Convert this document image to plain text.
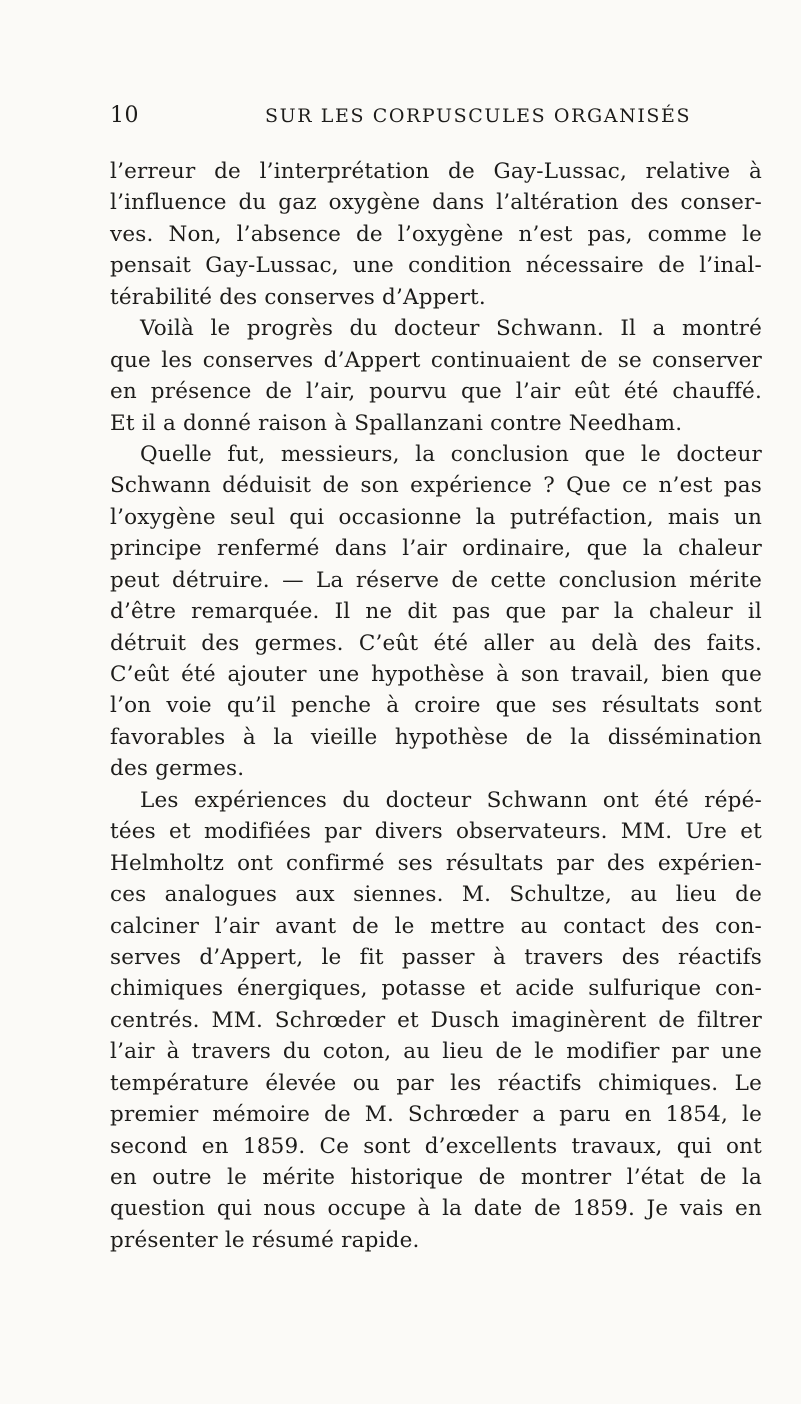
10	SUR LES CORPUSCULES ORGANISÉS
l’erreur de l’interprétation de Gay-Lussac, relative à
l’influence du gaz oxygène dans l’altération des conser-
ves. Non, l’absence de l’oxygène n’est pas, comme le
pensait Gay-Lussac, une condition nécessaire de l’inal-
térabilité des conserves d’Appert.
Voilà le progrès du docteur Schwann. Il a montré
que les conserves d’Appert continuaient de se conserver
en présence de l’air, pourvu que l’air eût été chauffé.
Et il a donné raison à Spallanzani contre Needham.
Quelle fut, messieurs, la conclusion que le docteur
Schwann déduisit de son expérience ? Que ce n’est pas
l’oxygène seul qui occasionne la putréfaction, mais un
principe renfermé dans l’air ordinaire, que la chaleur
peut détruire. — La réserve de cette conclusion mérite
d’être remarquée. Il ne dit pas que par la chaleur il
détruit des germes. C’eût été aller au delà des faits.
C’eût été ajouter une hypothèse à son travail, bien que
l’on voie qu’il penche à croire que ses résultats sont
favorables à la vieille hypothèse de la dissémination
des germes.
Les expériences du docteur Schwann ont été répé-
tées et modifiées par divers observateurs. MM. Ure et
Helmholtz ont confirmé ses résultats par des expérien-
ces analogues aux siennes. M. Schultze, au lieu de
calciner l’air avant de le mettre au contact des con-
serves d’Appert, le fit passer à travers des réactifs
chimiques énergiques, potasse et acide sulfurique con-
centrés. MM. Schrœder et Dusch imaginèrent de filtrer
l’air à travers du coton, au lieu de le modifier par une
température élevée ou par les réactifs chimiques. Le
premier mémoire de M. Schrœder a paru en 1854, le
second en 1859. Ce sont d’excellents travaux, qui ont
en outre le mérite historique de montrer l’état de la
question qui nous occupe à la date de 1859. Je vais en
présenter le résumé rapide.
